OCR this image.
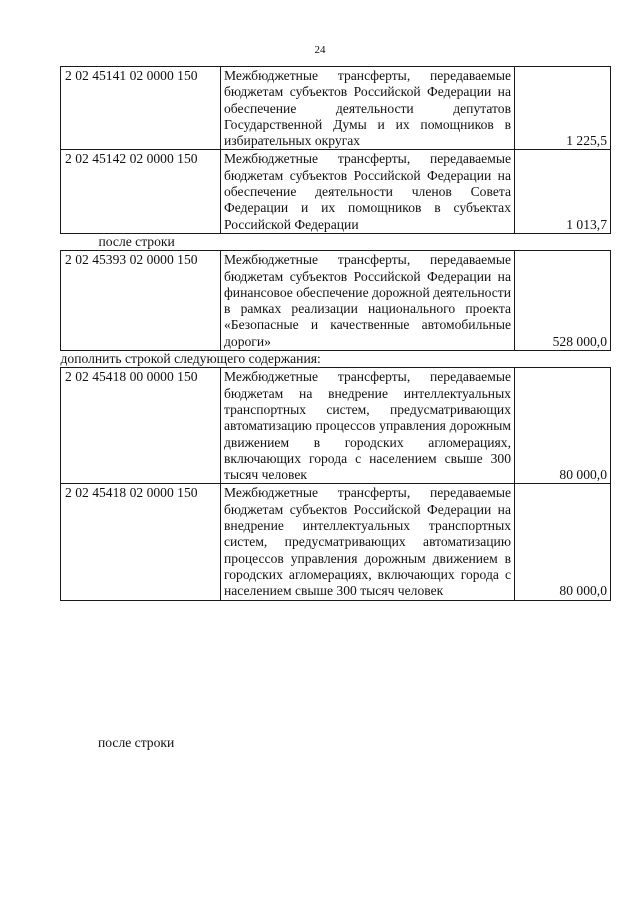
24
2 02 45141 02 0000 150	Межбюджетные трансферты, передаваемые бюджетам субъектов Российской Федерации на обеспечение деятельности депутатов Государственной Думы и их помощников в избирательных округах	1 225,5
2 02 45142 02 0000 150	Межбюджетные трансферты, передаваемые бюджетам субъектов Российской Федерации на обеспечение деятельности членов Совета Федерации и их помощников в субъектах Российской Федерации	1 013,7
после строки		
2 02 45393 02 0000 150	Межбюджетные трансферты, передаваемые бюджетам субъектов Российской Федерации на финансовое обеспечение дорожной деятельности в рамках реализации национального проекта «Безопасные и качественные автомобильные дороги»	528 000,0
дополнить строкой следующего содержания:		
2 02 45418 00 0000 150	Межбюджетные трансферты, передаваемые бюджетам на внедрение интеллектуальных транспортных систем, предусматривающих автоматизацию процессов управления дорожным движением в городских агломерациях, включающих города с населением свыше 300 тысяч человек	80 000,0
2 02 45418 02 0000 150	Межбюджетные трансферты, передаваемые бюджетам субъектов Российской Федерации на внедрение интеллектуальных транспортных систем, предусматривающих автоматизацию процессов управления дорожным движением в городских агломерациях, включающих города с населением свыше 300 тысяч человек	80 000,0
после строки
